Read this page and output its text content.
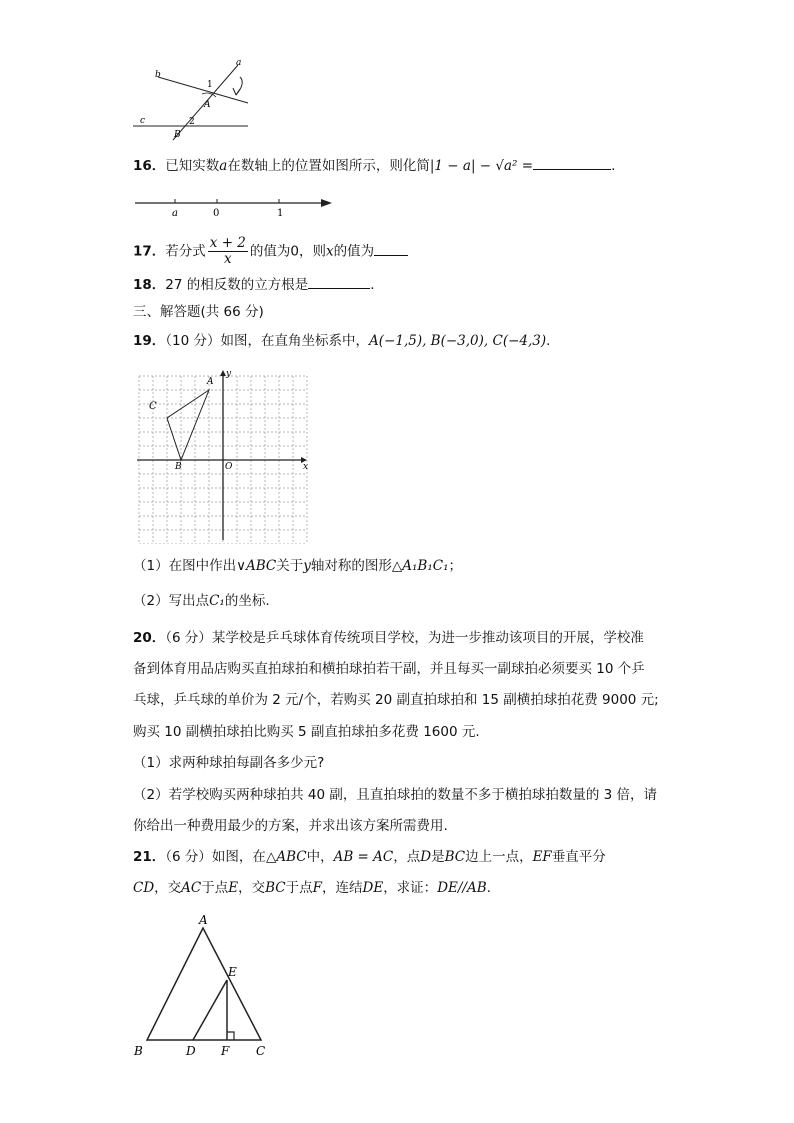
a
b
c
1
2
A
B
16．已知实数a在数轴上的位置如图所示，则化简|1 − a| − √a² =	.
a	0	1
17．若分式 $\frac{x + 2}{x}$ 的值为0，则x的值为
18．27 的相反数的立方根是	.
三、解答题(共 66 分)
19．（10 分）如图，在直角坐标系中，A(−1,5), B(−3,0), C(−4,3).
A
B
C
O	x
y
（1）在图中作出∨ABC关于y轴对称的图形△A₁B₁C₁；
（2）写出点C₁的坐标.
20．（6 分）某学校是乒乓球体育传统项目学校，为进一步推动该项目的开展，学校准
备到体育用品店购买直拍球拍和横拍球拍若干副，并且每买一副球拍必须要买 10 个乒
乓球，乒乓球的单价为 2 元/个，若购买 20 副直拍球拍和 15 副横拍球拍花费 9000 元;
购买 10 副横拍球拍比购买 5 副直拍球拍多花费 1600 元.
（1）求两种球拍每副各多少元?
（2）若学校购买两种球拍共 40 副，且直拍球拍的数量不多于横拍球拍数量的 3 倍，请
你给出一种费用最少的方案，并求出该方案所需费用.
21．（6 分）如图，在△ABC中，AB = AC，点D是BC边上一点，EF垂直平分
CD，交AC于点E，交BC于点F，连结DE，求证：DE//AB.
A
B	C
D
E
F
